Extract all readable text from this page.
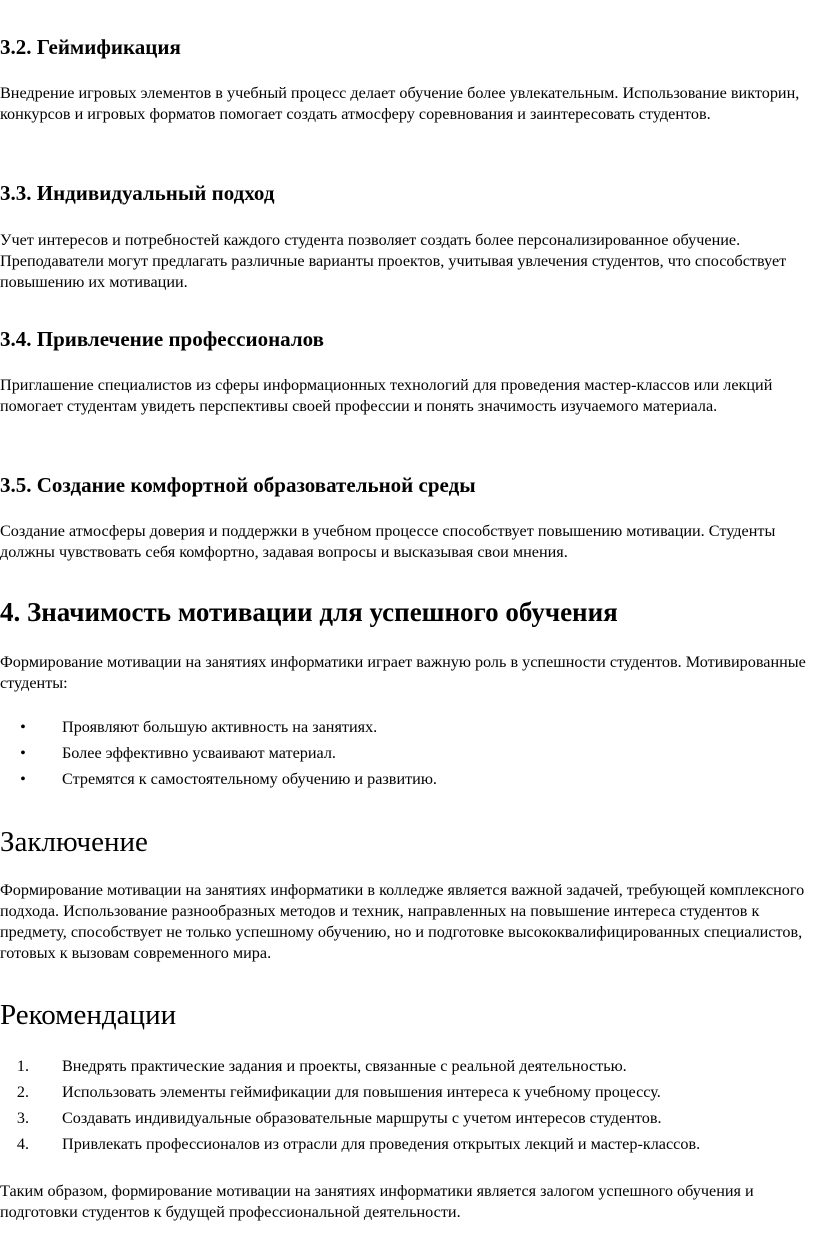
3.2. Геймификация

Внедрение игровых элементов в учебный процесс делает обучение более увлекательным. Использование викторин, конкурсов и игровых форматов помогает создать атмосферу соревнования и заинтересовать студентов.

3.3. Индивидуальный подход

Учет интересов и потребностей каждого студента позволяет создать более персонализированное обучение. Преподаватели могут предлагать различные варианты проектов, учитывая увлечения студентов, что способствует повышению их мотивации.

3.4. Привлечение профессионалов

Приглашение специалистов из сферы информационных технологий для проведения мастер-классов или лекций помогает студентам увидеть перспективы своей профессии и понять значимость изучаемого материала.

3.5. Создание комфортной образовательной среды

Создание атмосферы доверия и поддержки в учебном процессе способствует повышению мотивации. Студенты должны чувствовать себя комфортно, задавая вопросы и высказывая свои мнения.

4. Значимость мотивации для успешного обучения

Формирование мотивации на занятиях информатики играет важную роль в успешности студентов. Мотивированные студенты:

•	Проявляют большую активность на занятиях.
•	Более эффективно усваивают материал.
•	Стремятся к самостоятельному обучению и развитию.
Заключение

Формирование мотивации на занятиях информатики в колледже является важной задачей, требующей комплексного подхода. Использование разнообразных методов и техник, направленных на повышение интереса студентов к предмету, способствует не только успешному обучению, но и подготовке высококвалифицированных специалистов, готовых к вызовам современного мира.

Рекомендации
1.	Внедрять практические задания и проекты, связанные с реальной деятельностью.
2.	Использовать элементы геймификации для повышения интереса к учебному процессу.
3.	Создавать индивидуальные образовательные маршруты с учетом интересов студентов.
4.	Привлекать профессионалов из отрасли для проведения открытых лекций и мастер-классов.

Таким образом, формирование мотивации на занятиях информатики является залогом успешного обучения и подготовки студентов к будущей профессиональной деятельности.
